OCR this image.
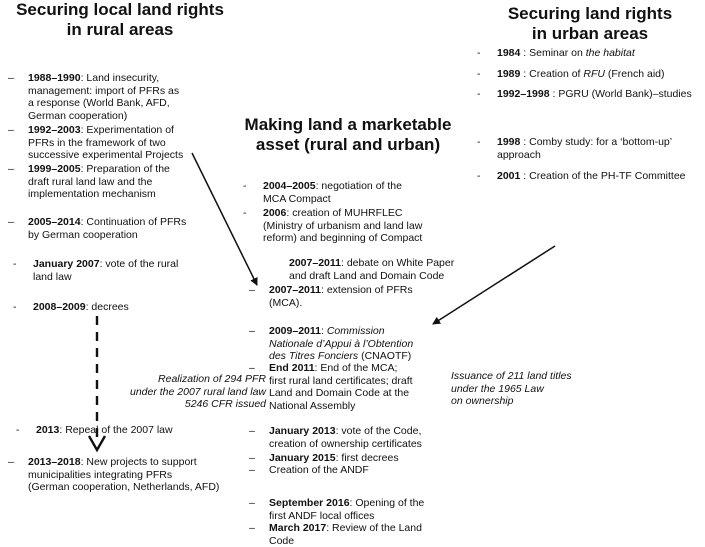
Securing local land rights
in rural areas
Securing land rights
in urban areas
Making land a marketable
asset (rural and urban)
– 1988–1990: Land insecurity,
management: import of PFRs as
a response (World Bank, AFD,
German cooperation)
– 1992–2003: Experimentation of
PFRs in the framework of two
successive experimental Projects
– 1999–2005: Preparation of the
draft rural land law and the
implementation mechanism
– 2005–2014: Continuation of PFRs
by German cooperation
- January 2007: vote of the rural
land law
- 2008–2009: decrees
- 2013: Repeal of the 2007 law
– 2013–2018: New projects to support
municipalities integrating PFRs
(German cooperation, Netherlands, AFD)
- 1984 : Seminar on the habitat
- 1989 : Creation of RFU (French aid)
- 1992–1998 : PGRU (World Bank)–studies
- 1998 : Comby study: for a ‘bottom-up’
approach
- 2001 : Creation of the PH-TF Committee
- 2004–2005: negotiation of the
MCA Compact
- 2006: creation of MUHRFLEC
(Ministry of urbanism and land law
reform) and beginning of Compact
2007–2011: debate on White Paper
and draft Land and Domain Code
– 2007–2011: extension of PFRs
(MCA).
– 2009–2011: Commission
Nationale d’Appui à l’Obtention
des Titres Fonciers (CNAOTF)
– End 2011: End of the MCA;
first rural land certificates; draft
Land and Domain Code at the
National Assembly
– January 2013: vote of the Code,
creation of ownership certificates
– January 2015: first decrees
– Creation of the ANDF
– September 2016: Opening of the
first ANDF local offices
– March 2017: Review of the Land
Code
Realization of 294 PFR
under the 2007 rural land law
5246 CFR issued
Issuance of 211 land titles
under the 1965 Law
on ownership
